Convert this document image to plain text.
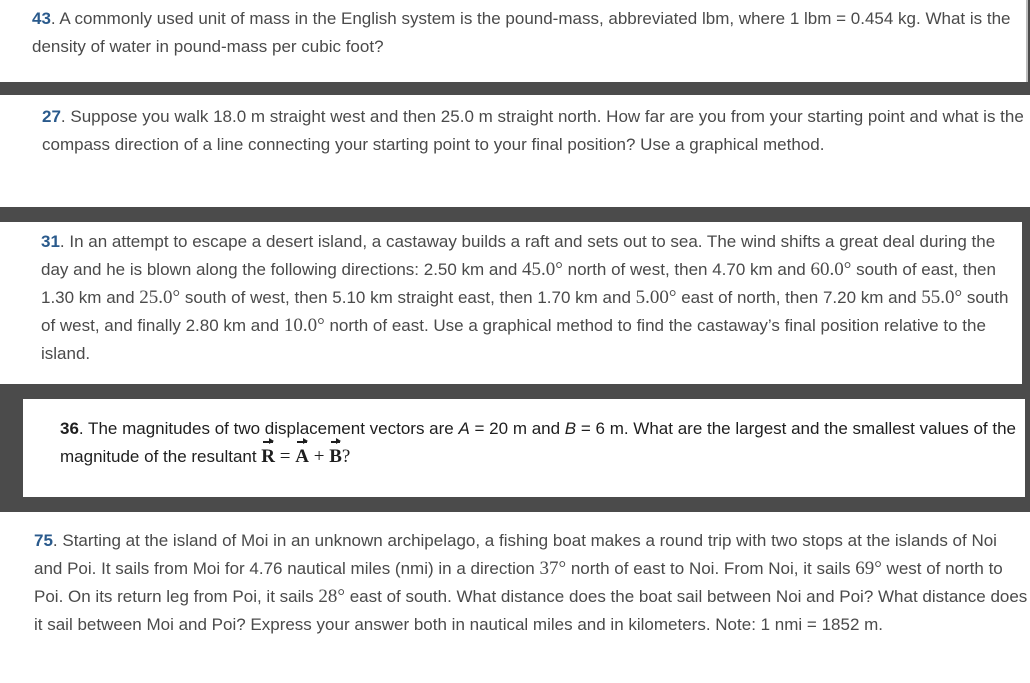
43. A commonly used unit of mass in the English system is the pound-mass, abbreviated lbm, where 1 lbm = 0.454 kg. What is the density of water in pound-mass per cubic foot?
27. Suppose you walk 18.0 m straight west and then 25.0 m straight north. How far are you from your starting point and what is the compass direction of a line connecting your starting point to your final position? Use a graphical method.
31. In an attempt to escape a desert island, a castaway builds a raft and sets out to sea. The wind shifts a great deal during the day and he is blown along the following directions: 2.50 km and 45.0° north of west, then 4.70 km and 60.0° south of east, then 1.30 km and 25.0° south of west, then 5.10 km straight east, then 1.70 km and 5.00° east of north, then 7.20 km and 55.0° south of west, and finally 2.80 km and 10.0° north of east. Use a graphical method to find the castaway’s final position relative to the island.
36. The magnitudes of two displacement vectors are A = 20 m and B = 6 m. What are the largest and the smallest values of the magnitude of the resultant R = A + B?
75. Starting at the island of Moi in an unknown archipelago, a fishing boat makes a round trip with two stops at the islands of Noi and Poi. It sails from Moi for 4.76 nautical miles (nmi) in a direction 37° north of east to Noi. From Noi, it sails 69° west of north to Poi. On its return leg from Poi, it sails 28° east of south. What distance does the boat sail between Noi and Poi? What distance does it sail between Moi and Poi? Express your answer both in nautical miles and in kilometers. Note: 1 nmi = 1852 m.
